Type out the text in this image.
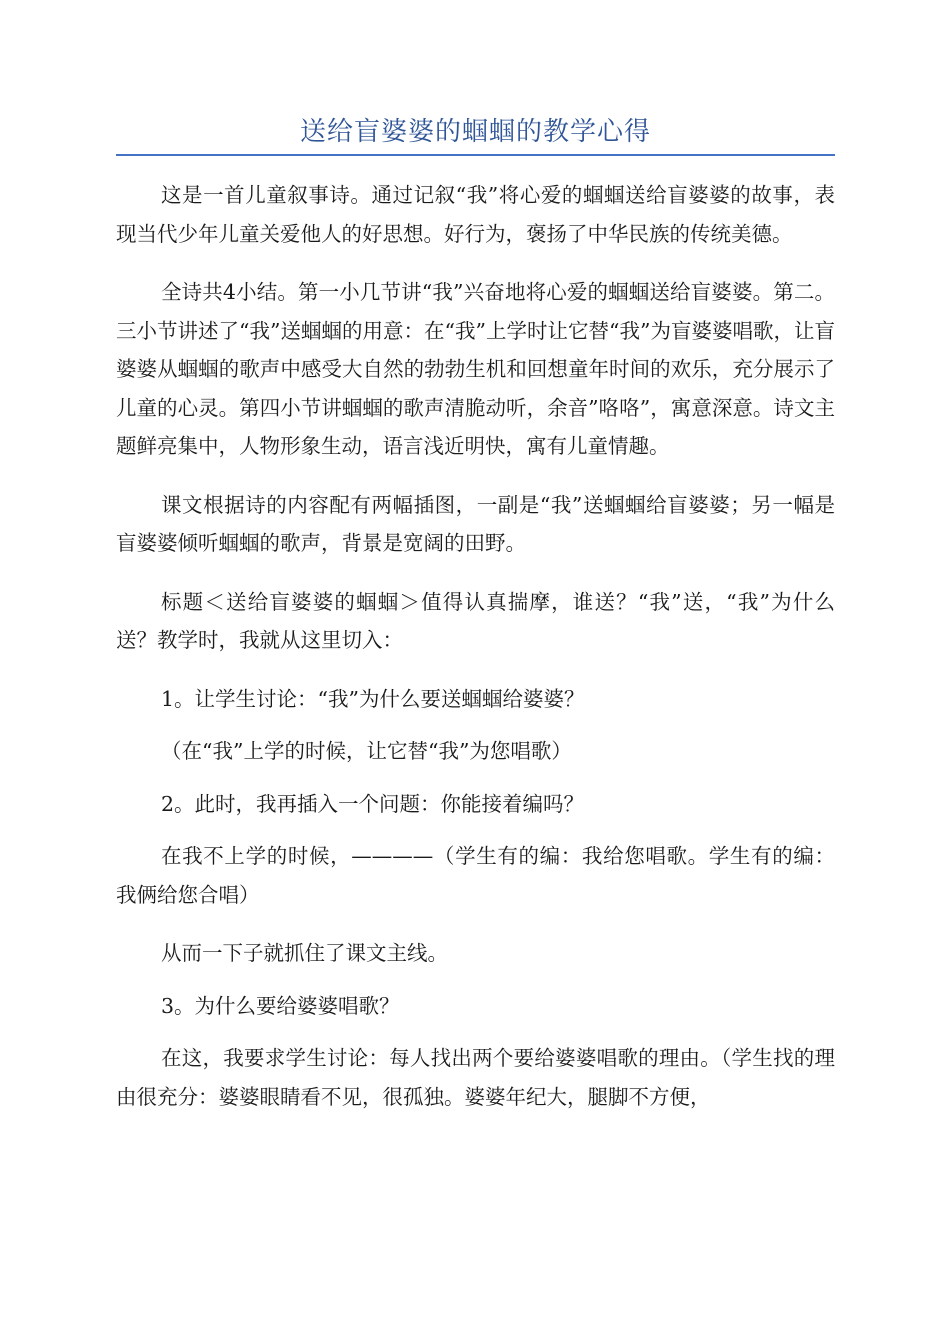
送给盲婆婆的蝈蝈的教学心得

这是一首儿童叙事诗。通过记叙“我”将心爱的蝈蝈送给盲婆婆的故事，表现当代少年儿童关爱他人的好思想。好行为，褒扬了中华民族的传统美德。

全诗共4小结。第一小几节讲“我”兴奋地将心爱的蝈蝈送给盲婆婆。第二。三小节讲述了“我”送蝈蝈的用意：在“我”上学时让它替“我”为盲婆婆唱歌，让盲婆婆从蝈蝈的歌声中感受大自然的勃勃生机和回想童年时间的欢乐，充分展示了儿童的心灵。第四小节讲蝈蝈的歌声清脆动听，余音”咯咯”，寓意深意。诗文主题鲜亮集中，人物形象生动，语言浅近明快，寓有儿童情趣。

课文根据诗的内容配有两幅插图，一副是“我”送蝈蝈给盲婆婆；另一幅是盲婆婆倾听蝈蝈的歌声，背景是宽阔的田野。

标题＜送给盲婆婆的蝈蝈＞值得认真揣摩，谁送？“我”送，“我”为什么送？教学时，我就从这里切入：

1。让学生讨论：“我”为什么要送蝈蝈给婆婆？

（在“我”上学的时候，让它替“我”为您唱歌）

2。此时，我再插入一个问题：你能接着编吗？

在我不上学的时候，————（学生有的编：我给您唱歌。学生有的编：我俩给您合唱）

从而一下子就抓住了课文主线。

3。为什么要给婆婆唱歌？

在这，我要求学生讨论：每人找出两个要给婆婆唱歌的理由。（学生找的理由很充分：婆婆眼睛看不见，很孤独。婆婆年纪大，腿脚不方便，
